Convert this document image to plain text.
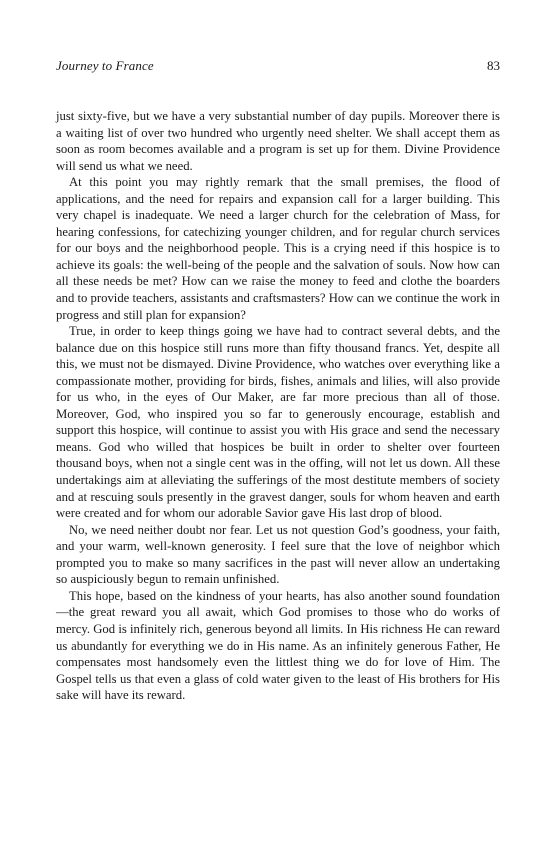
Journey to France	83

just sixty-five, but we have a very substantial number of day pupils. Moreover there is a waiting list of over two hundred who urgently need shelter. We shall accept them as soon as room becomes available and a program is set up for them. Divine Providence will send us what we need.

At this point you may rightly remark that the small premises, the flood of applications, and the need for repairs and expansion call for a larger building. This very chapel is inadequate. We need a larger church for the celebration of Mass, for hearing confessions, for catechizing younger children, and for regular church services for our boys and the neighborhood people. This is a crying need if this hospice is to achieve its goals: the well-being of the people and the salvation of souls. Now how can all these needs be met? How can we raise the money to feed and clothe the boarders and to provide teachers, assistants and craftsmasters? How can we continue the work in progress and still plan for expansion?

True, in order to keep things going we have had to contract several debts, and the balance due on this hospice still runs more than fifty thousand francs. Yet, despite all this, we must not be dismayed. Divine Providence, who watches over everything like a compassionate mother, providing for birds, fishes, animals and lilies, will also provide for us who, in the eyes of Our Maker, are far more precious than all of those. Moreover, God, who inspired you so far to generously encourage, establish and support this hospice, will continue to assist you with His grace and send the necessary means. God who willed that hospices be built in order to shelter over fourteen thousand boys, when not a single cent was in the offing, will not let us down. All these undertakings aim at alleviating the sufferings of the most destitute members of society and at rescuing souls presently in the gravest danger, souls for whom heaven and earth were created and for whom our adorable Savior gave His last drop of blood.

No, we need neither doubt nor fear. Let us not question God’s goodness, your faith, and your warm, well-known generosity. I feel sure that the love of neighbor which prompted you to make so many sacrifices in the past will never allow an undertaking so auspiciously begun to remain unfinished.

This hope, based on the kindness of your hearts, has also another sound foundation—the great reward you all await, which God promises to those who do works of mercy. God is infinitely rich, generous beyond all limits. In His richness He can reward us abundantly for everything we do in His name. As an infinitely generous Father, He compensates most handsomely even the littlest thing we do for love of Him. The Gospel tells us that even a glass of cold water given to the least of His brothers for His sake will have its reward.
